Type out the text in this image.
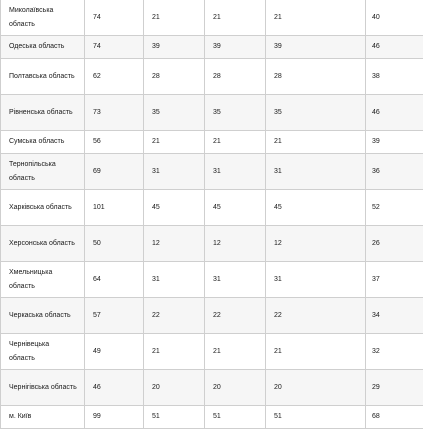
Миколаївська область	74	21	21	21	40
Одеська область	74	39	39	39	46
Полтавська область	62	28	28	28	38
Рівненська область	73	35	35	35	46
Сумська область	56	21	21	21	39
Тернопільська область	69	31	31	31	36
Харківська область	101	45	45	45	52
Херсонська область	50	12	12	12	26
Хмельницька область	64	31	31	31	37
Черкаська область	57	22	22	22	34
Чернівецька область	49	21	21	21	32
Чернігівська область	46	20	20	20	29
м. Київ	99	51	51	51	68
